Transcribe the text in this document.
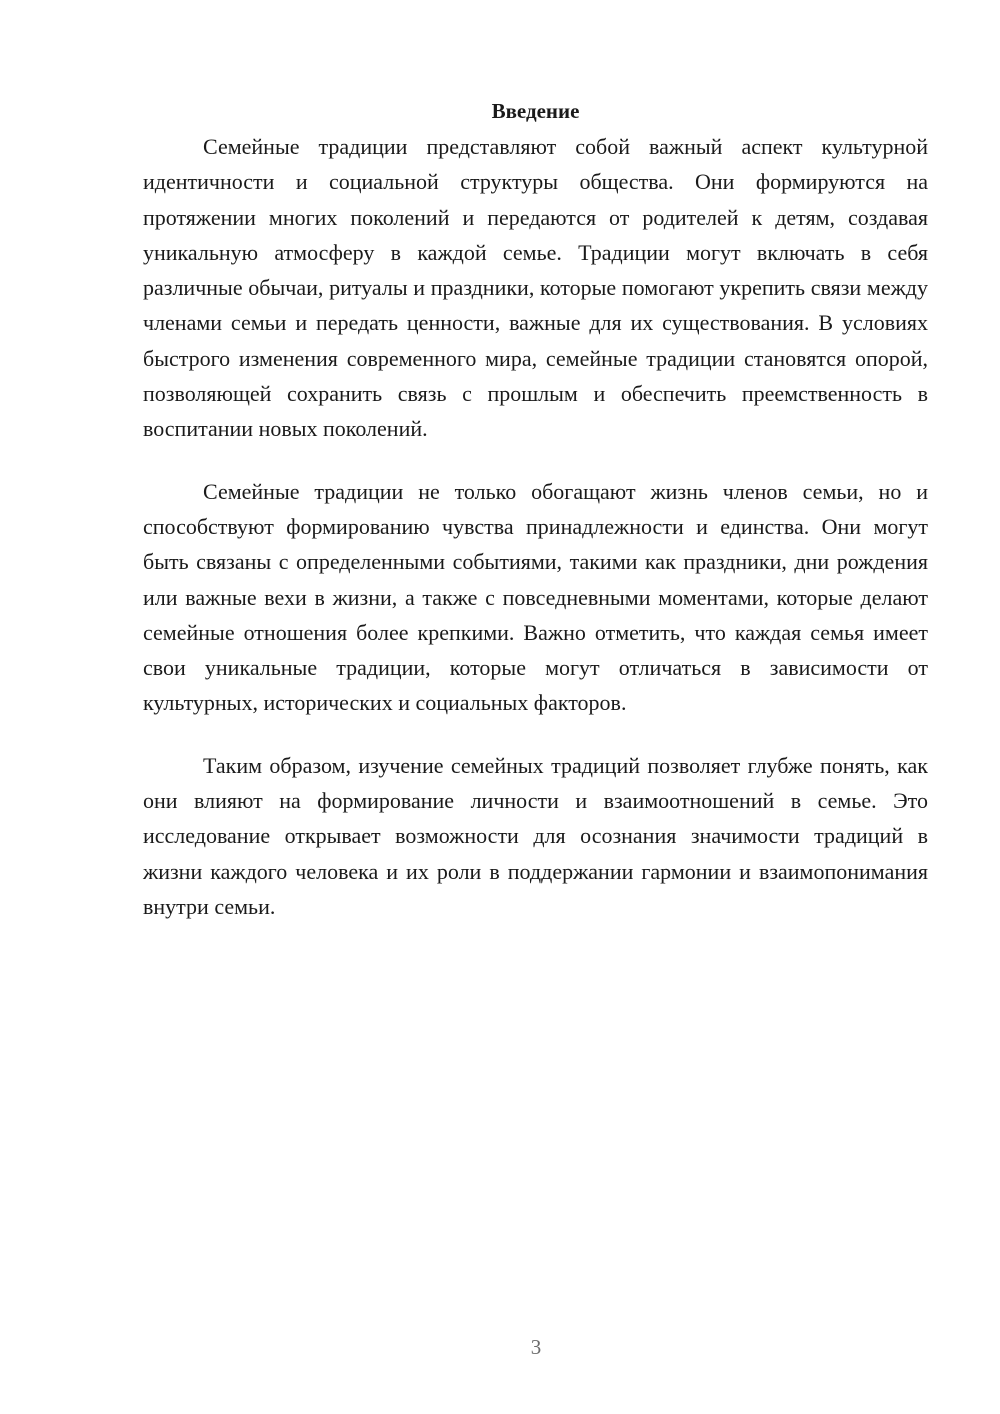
Введение

Семейные традиции представляют собой важный аспект культурной идентичности и социальной структуры общества. Они формируются на протяжении многих поколений и передаются от родителей к детям, создавая уникальную атмосферу в каждой семье. Традиции могут включать в себя различные обычаи, ритуалы и праздники, которые помогают укрепить связи между членами семьи и передать ценности, важные для их существования. В условиях быстрого изменения современного мира, семейные традиции становятся опорой, позволяющей сохранить связь с прошлым и обеспечить преемственность в воспитании новых поколений.

Семейные традиции не только обогащают жизнь членов семьи, но и способствуют формированию чувства принадлежности и единства. Они могут быть связаны с определенными событиями, такими как праздники, дни рождения или важные вехи в жизни, а также с повседневными моментами, которые делают семейные отношения более крепкими. Важно отметить, что каждая семья имеет свои уникальные традиции, которые могут отличаться в зависимости от культурных, исторических и социальных факторов.

Таким образом, изучение семейных традиций позволяет глубже понять, как они влияют на формирование личности и взаимоотношений в семье. Это исследование открывает возможности для осознания значимости традиций в жизни каждого человека и их роли в поддержании гармонии и взаимопонимания внутри семьи.

3
